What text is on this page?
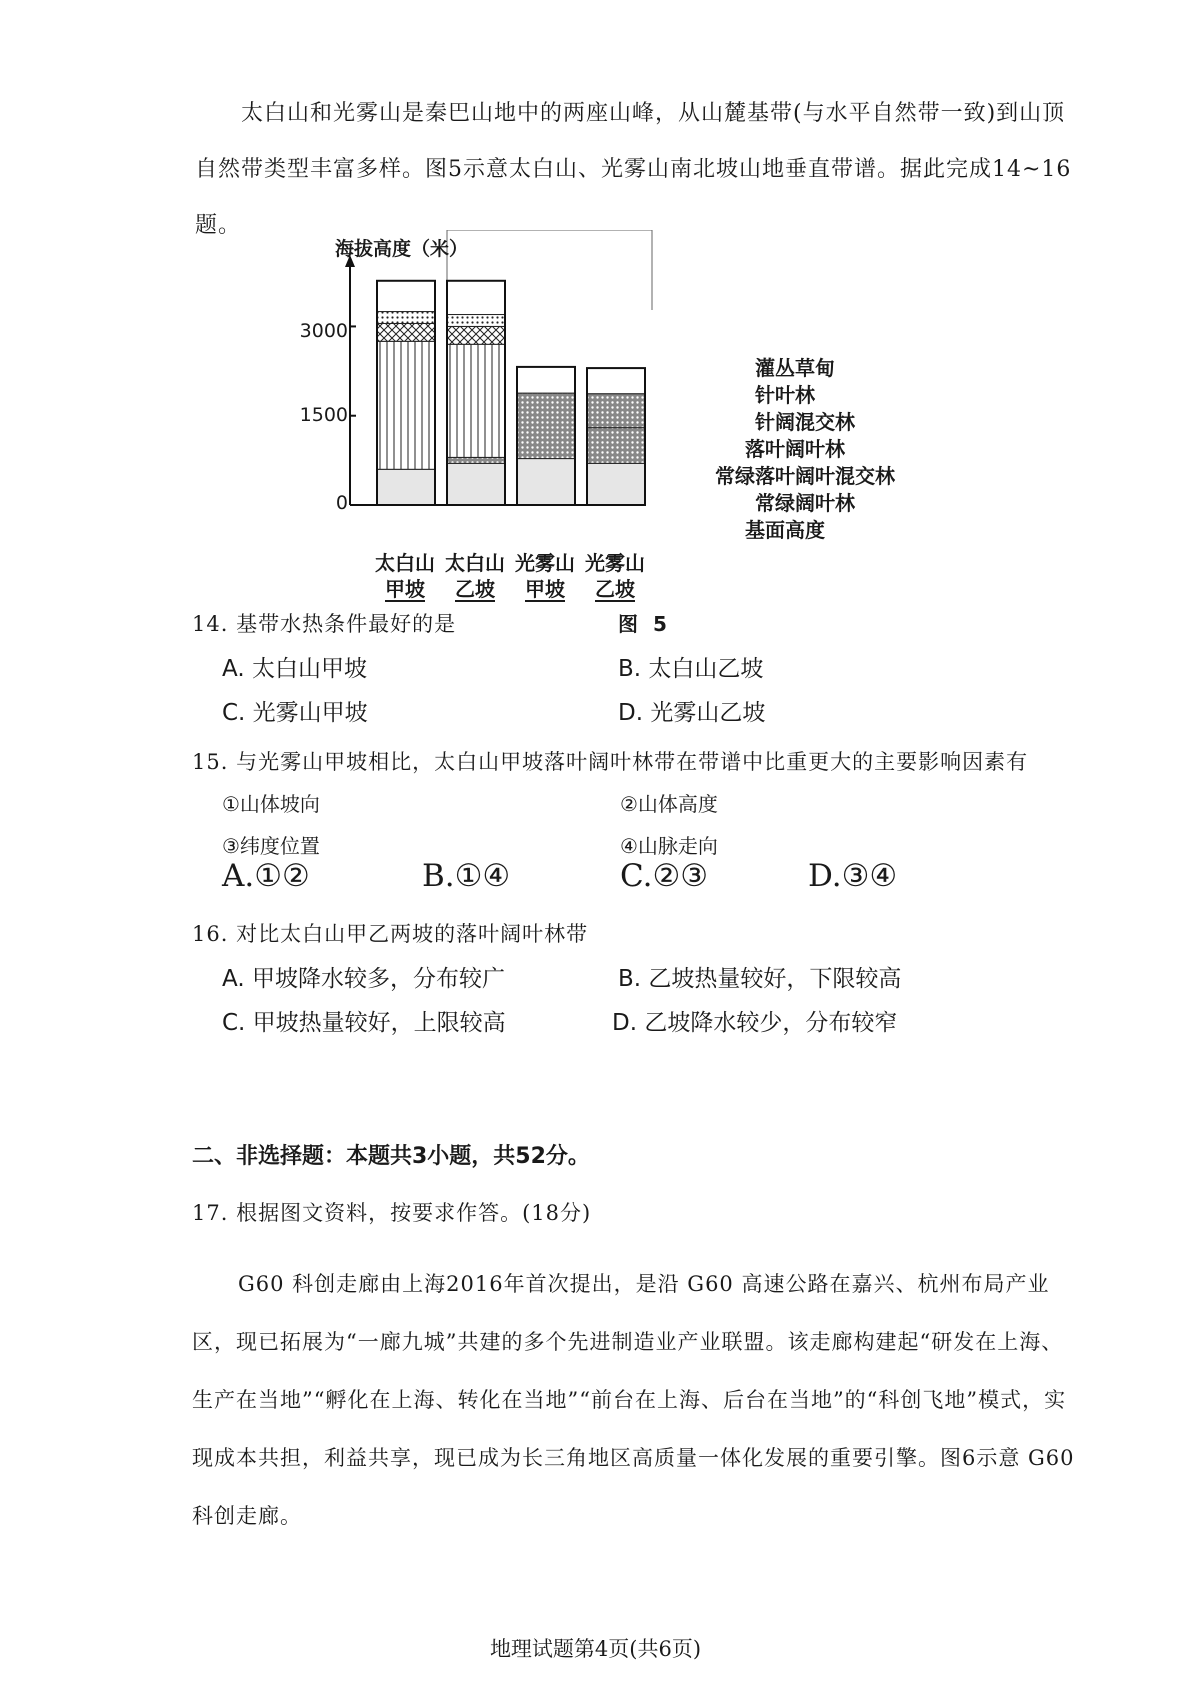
太白山和光雾山是秦巴山地中的两座山峰，从山麓基带(与水平自然带一致)到山顶自然带类型丰富多样。图5示意太白山、光雾山南北坡山地垂直带谱。据此完成14~16题。

海拔高度（米）
3000
1500
0
太白山
甲坡
太白山
乙坡
光雾山
甲坡
光雾山
乙坡
灌丛草甸
针叶林
针阔混交林
落叶阔叶林
常绿落叶阔叶混交林
常绿阔叶林
基面高度
图 5
14. 基带水热条件最好的是
A. 太白山甲坡	B. 太白山乙坡
C. 光雾山甲坡	D. 光雾山乙坡
15. 与光雾山甲坡相比，太白山甲坡落叶阔叶林带在带谱中比重更大的主要影响因素有
①山体坡向	②山体高度
③纬度位置	④山脉走向
A.①②	B.①④	C.②③	D.③④
16. 对比太白山甲乙两坡的落叶阔叶林带
A. 甲坡降水较多，分布较广	B. 乙坡热量较好，下限较高
C. 甲坡热量较好，上限较高	D. 乙坡降水较少，分布较窄
二、非选择题：本题共3小题，共52分。
17. 根据图文资料，按要求作答。(18分)

G60 科创走廊由上海2016年首次提出，是沿 G60 高速公路在嘉兴、杭州布局产业区，现已拓展为“一廊九城”共建的多个先进制造业产业联盟。该走廊构建起“研发在上海、生产在当地”“孵化在上海、转化在当地”“前台在上海、后台在当地”的“科创飞地”模式，实现成本共担，利益共享，现已成为长三角地区高质量一体化发展的重要引擎。图6示意 G60 科创走廊。

地理试题第4页(共6页)
